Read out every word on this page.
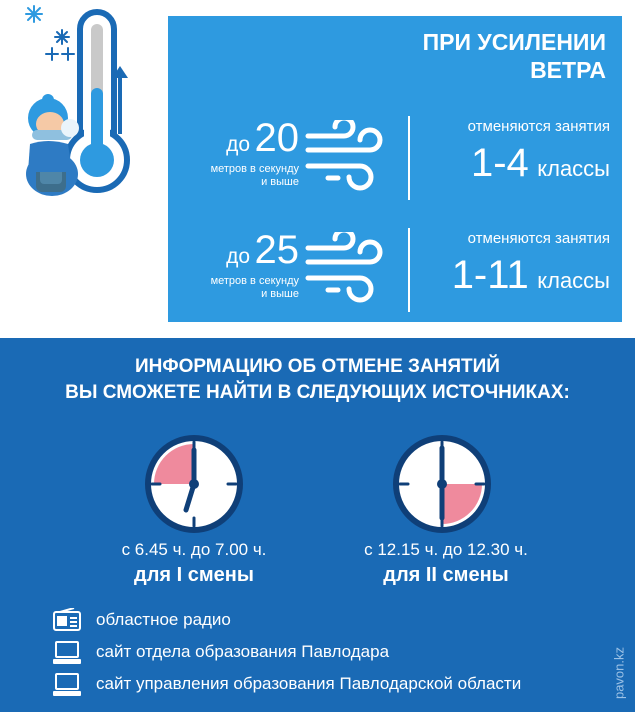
ПРИ УСИЛЕНИИ
ВЕТРА
до 20
метров в секунду
и выше
отменяются занятия
1-4 классы
до 25
метров в секунду
и выше
отменяются занятия
1-11 классы
ИНФОРМАЦИЮ ОБ ОТМЕНЕ ЗАНЯТИЙ
ВЫ СМОЖЕТЕ НАЙТИ В СЛЕДУЮЩИХ ИСТОЧНИКАХ:
с 6.45 ч. до 7.00 ч.
для I смены
с 12.15 ч. до 12.30 ч.
для II смены
областное радио
сайт отдела образования Павлодара
сайт управления образования Павлодарской области	pavon.kz
